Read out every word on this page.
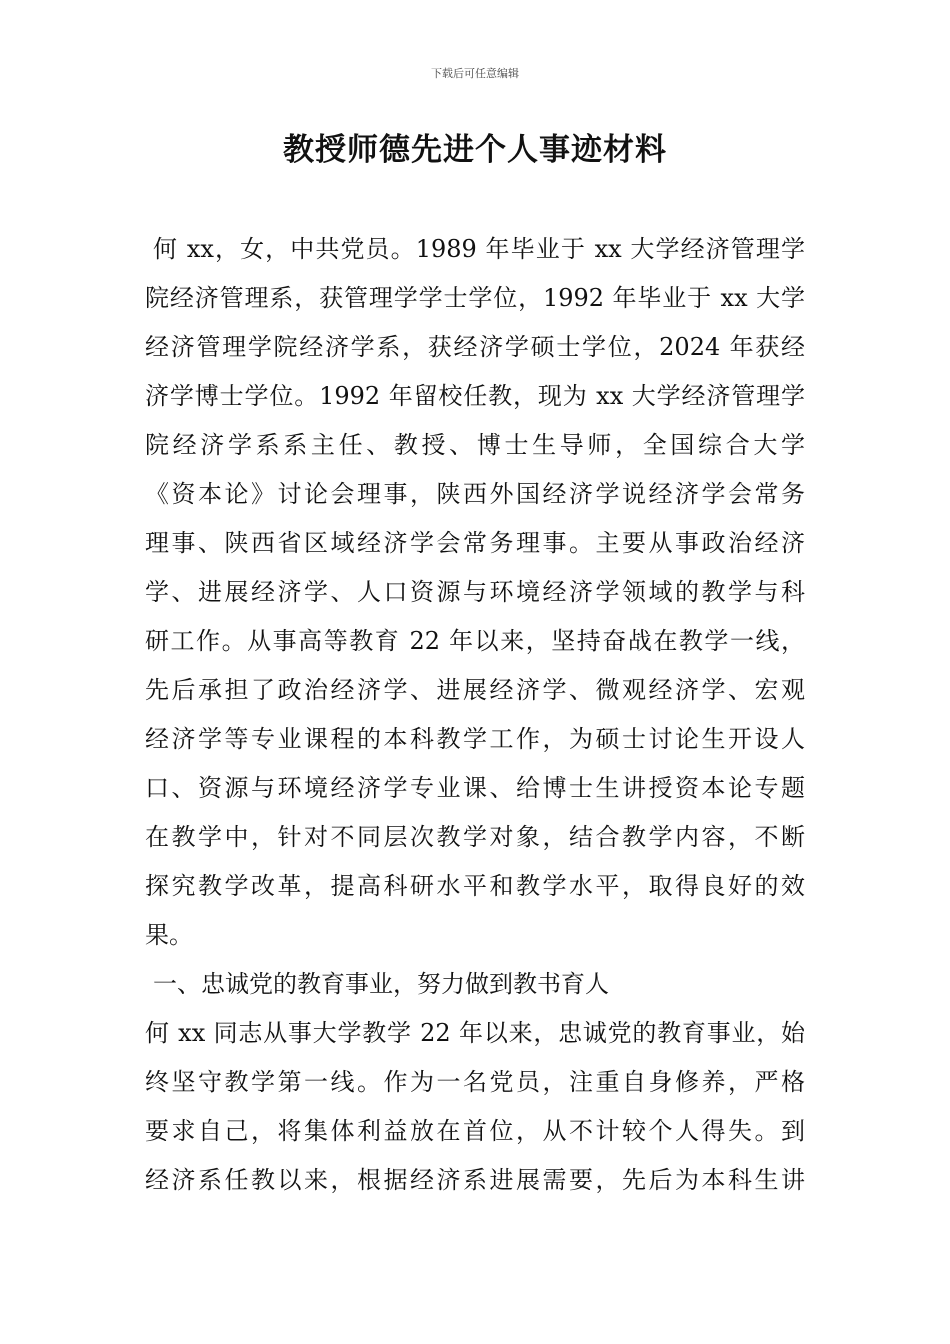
下载后可任意编辑
教授师德先进个人事迹材料
何 xx，女，中共党员。1989 年毕业于 xx 大学经济管理学
院经济管理系，获管理学学士学位，1992 年毕业于 xx 大学
经济管理学院经济学系，获经济学硕士学位，2024 年获经
济学博士学位。1992 年留校任教，现为 xx 大学经济管理学
院经济学系系主任、教授、博士生导师，全国综合大学
《资本论》讨论会理事，陕西外国经济学说经济学会常务
理事、陕西省区域经济学会常务理事。主要从事政治经济
学、进展经济学、人口资源与环境经济学领域的教学与科
研工作。从事高等教育 22 年以来，坚持奋战在教学一线，
先后承担了政治经济学、进展经济学、微观经济学、宏观
经济学等专业课程的本科教学工作，为硕士讨论生开设人
口、资源与环境经济学专业课、给博士生讲授资本论专题
在教学中，针对不同层次教学对象，结合教学内容，不断
探究教学改革，提高科研水平和教学水平，取得良好的效
果。
一、忠诚党的教育事业，努力做到教书育人
何 xx 同志从事大学教学 22 年以来，忠诚党的教育事业，始
终坚守教学第一线。作为一名党员，注重自身修养，严格
要求自己，将集体利益放在首位，从不计较个人得失。到
经济系任教以来，根据经济系进展需要，先后为本科生讲
